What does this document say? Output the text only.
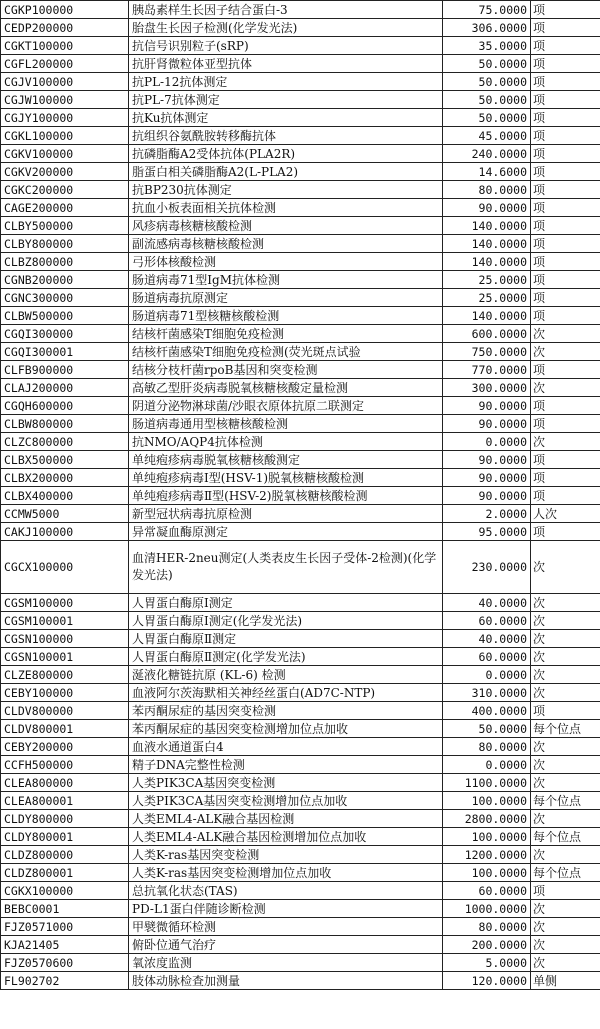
CGKP100000	胰岛素样生长因子结合蛋白-3	75.0000	项
CEDP200000	胎盘生长因子检测(化学发光法)	306.0000	项
CGKT100000	抗信号识别粒子(sRP)	35.0000	项
CGFL200000	抗肝肾微粒体亚型抗体	50.0000	项
CGJV100000	抗PL-12抗体测定	50.0000	项
CGJW100000	抗PL-7抗体测定	50.0000	项
CGJY100000	抗Ku抗体测定	50.0000	项
CGKL100000	抗组织谷氨酰胺转移酶抗体	45.0000	项
CGKV100000	抗磷脂酶A2受体抗体(PLA2R)	240.0000	项
CGKV200000	脂蛋白相关磷脂酶A2(L-PLA2)	14.6000	项
CGKC200000	抗BP230抗体测定	80.0000	项
CAGE200000	抗血小板表面相关抗体检测	90.0000	项
CLBY500000	风疹病毒核糖核酸检测	140.0000	项
CLBY800000	副流感病毒核糖核酸检测	140.0000	项
CLBZ800000	弓形体核酸检测	140.0000	项
CGNB200000	肠道病毒71型IgM抗体检测	25.0000	项
CGNC300000	肠道病毒抗原测定	25.0000	项
CLBW500000	肠道病毒71型核糖核酸检测	140.0000	项
CGQI300000	结核杆菌感染T细胞免疫检测	600.0000	次
CGQI300001	结核杆菌感染T细胞免疫检测(荧光斑点试验	750.0000	次
CLFB900000	结核分枝杆菌rpoB基因和突变检测	770.0000	项
CLAJ200000	高敏乙型肝炎病毒脱氧核糖核酸定量检测	300.0000	次
CGQH600000	阴道分泌物淋球菌/沙眼衣原体抗原二联测定	90.0000	项
CLBW800000	肠道病毒通用型核糖核酸检测	90.0000	项
CLZC800000	抗NMO/AQP4抗体检测	0.0000	次
CLBX500000	单纯疱疹病毒脱氧核糖核酸测定	90.0000	项
CLBX200000	单纯疱疹病毒Ⅰ型(HSV-1)脱氧核糖核酸检测	90.0000	项
CLBX400000	单纯疱疹病毒Ⅱ型(HSV-2)脱氧核糖核酸检测	90.0000	项
CCMW5000	新型冠状病毒抗原检测	2.0000	人次
CAKJ100000	异常凝血酶原测定	95.0000	项
CGCX100000	血清HER-2neu测定(人类表皮生长因子受体-2检测)(化学发光法)	230.0000	次
CGSM100000	人胃蛋白酶原Ⅰ测定	40.0000	次
CGSM100001	人胃蛋白酶原Ⅰ测定(化学发光法)	60.0000	次
CGSN100000	人胃蛋白酶原Ⅱ测定	40.0000	次
CGSN100001	人胃蛋白酶原Ⅱ测定(化学发光法)	60.0000	次
CLZE800000	涎液化糖链抗原 (KL-6) 检测	0.0000	次
CEBY100000	血液阿尔茨海默相关神经丝蛋白(AD7C-NTP)	310.0000	次
CLDV800000	苯丙酮尿症的基因突变检测	400.0000	项
CLDV800001	苯丙酮尿症的基因突变检测增加位点加收	50.0000	每个位点
CEBY200000	血液水通道蛋白4	80.0000	次
CCFH500000	精子DNA完整性检测	0.0000	次
CLEA800000	人类PIK3CA基因突变检测	1100.0000	次
CLEA800001	人类PIK3CA基因突变检测增加位点加收	100.0000	每个位点
CLDY800000	人类EML4-ALK融合基因检测	2800.0000	次
CLDY800001	人类EML4-ALK融合基因检测增加位点加收	100.0000	每个位点
CLDZ800000	人类K-ras基因突变检测	1200.0000	次
CLDZ800001	人类K-ras基因突变检测增加位点加收	100.0000	每个位点
CGKX100000	总抗氧化状态(TAS)	60.0000	项
BEBC0001	PD-L1蛋白伴随诊断检测	1000.0000	次
FJZ0571000	甲襞微循环检测	80.0000	次
KJA21405	俯卧位通气治疗	200.0000	次
FJZ0570600	氧浓度监测	5.0000	次
FL902702	肢体动脉检查加测量	120.0000	单侧
